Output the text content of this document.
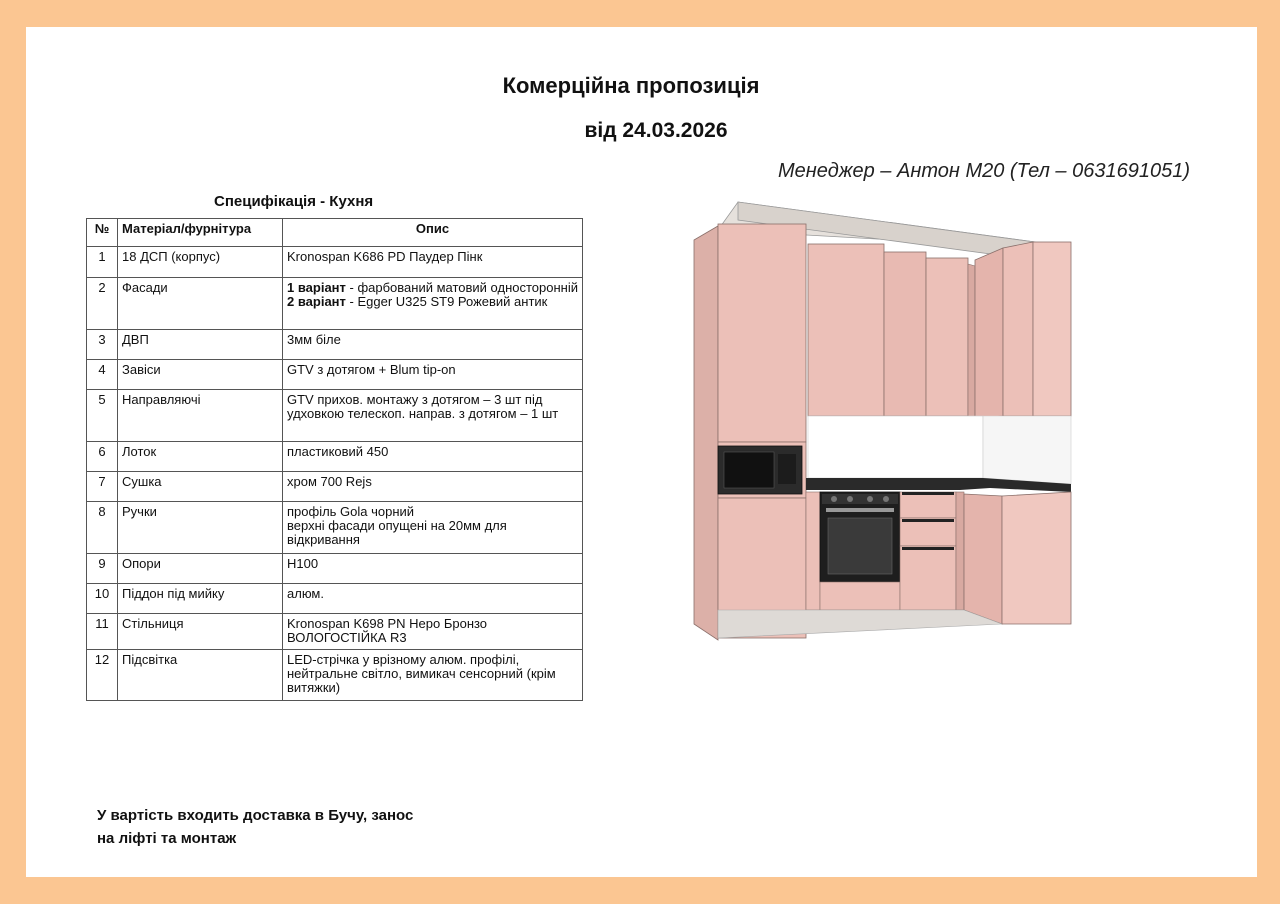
Комерційна пропозиція
від 24.03.2026
Менеджер – Антон М20 (Тел – 0631691051)
Специфікація - Кухня
№	Матеріал/фурнітура	Опис
1	18 ДСП (корпус)	Kronospan K686 PD Паудер Пінк
2	Фасади	1 варіант - фарбований матовий односторонній
2 варіант - Egger U325 ST9 Рожевий антик
3	ДВП	3мм біле
4	Завіси	GTV з дотягом + Blum tip-on
5	Направляючі	GTV прихов. монтажу з дотягом – 3 шт під удховкою телескоп. направ. з дотягом – 1 шт
6	Лоток	пластиковий 450
7	Сушка	хром 700 Rejs
8	Ручки	профіль Gola чорний
верхні фасади опущені на 20мм для відкривання
9	Опори	Н100
10	Піддон під мийку	алюм.
11	Стільниця	Kronospan K698 PN Неро Бронзо
ВОЛОГОСТІЙКА R3
12	Підсвітка	LED-стрічка у врізному алюм. профілі, нейтральне світло, вимикач сенсорний (крім витяжки)
У вартість входить доставка в Бучу, занос
на ліфті та монтаж
